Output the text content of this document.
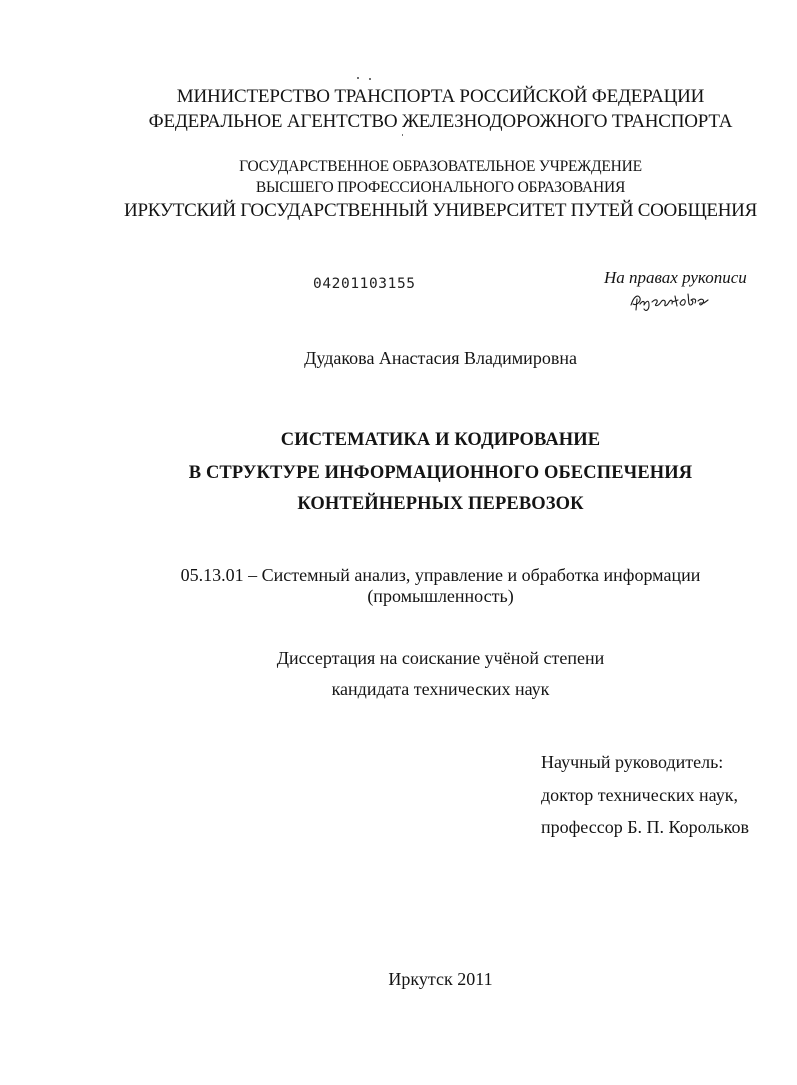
МИНИСТЕРСТВО ТРАНСПОРТА РОССИЙСКОЙ ФЕДЕРАЦИИ
ФЕДЕРАЛЬНОЕ АГЕНТСТВО ЖЕЛЕЗНОДОРОЖНОГО ТРАНСПОРТА
ГОСУДАРСТВЕННОЕ ОБРАЗОВАТЕЛЬНОЕ УЧРЕЖДЕНИЕ
ВЫСШЕГО ПРОФЕССИОНАЛЬНОГО ОБРАЗОВАНИЯ
ИРКУТСКИЙ ГОСУДАРСТВЕННЫЙ УНИВЕРСИТЕТ ПУТЕЙ СООБЩЕНИЯ
04201103155	На правах рукописи
Дудакова Анастасия Владимировна
СИСТЕМАТИКА И КОДИРОВАНИЕ
В СТРУКТУРЕ ИНФОРМАЦИОННОГО ОБЕСПЕЧЕНИЯ
КОНТЕЙНЕРНЫХ ПЕРЕВОЗОК
05.13.01 – Системный анализ, управление и обработка информации
(промышленность)
Диссертация на соискание учёной степени
кандидата технических наук
Научный руководитель:
доктор технических наук,
профессор Б. П. Корольков
Иркутск 2011
